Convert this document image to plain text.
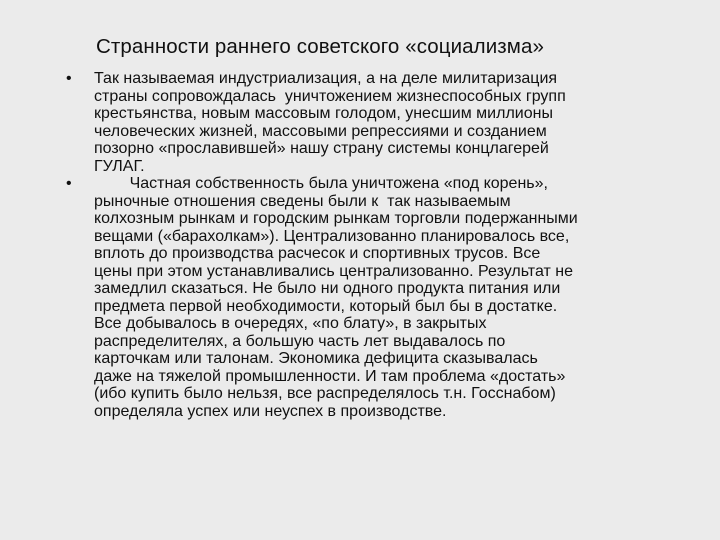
Странности раннего советского «социализма»
• Так называемая индустриализация, а на деле милитаризация
страны сопровождалась  уничтожением жизнеспособных групп
крестьянства, новым массовым голодом, унесшим миллионы
человеческих жизней, массовыми репрессиями и созданием
позорно «прославившей» нашу страну системы концлагерей
ГУЛАГ.
• Частная собственность была уничтожена «под корень»,
рыночные отношения сведены были к  так называемым
колхозным рынкам и городским рынкам торговли подержанными
вещами («барахолкам»). Централизованно планировалось все,
вплоть до производства расчесок и спортивных трусов. Все
цены при этом устанавливались централизованно. Результат не
замедлил сказаться. Не было ни одного продукта питания или
предмета первой необходимости, который был бы в достатке.
Все добывалось в очередях, «по блату», в закрытых
распределителях, а большую часть лет выдавалось по
карточкам или талонам. Экономика дефицита сказывалась
даже на тяжелой промышленности. И там проблема «достать»
(ибо купить было нельзя, все распределялось т.н. Госснабом)
определяла успех или неуспех в производстве.
